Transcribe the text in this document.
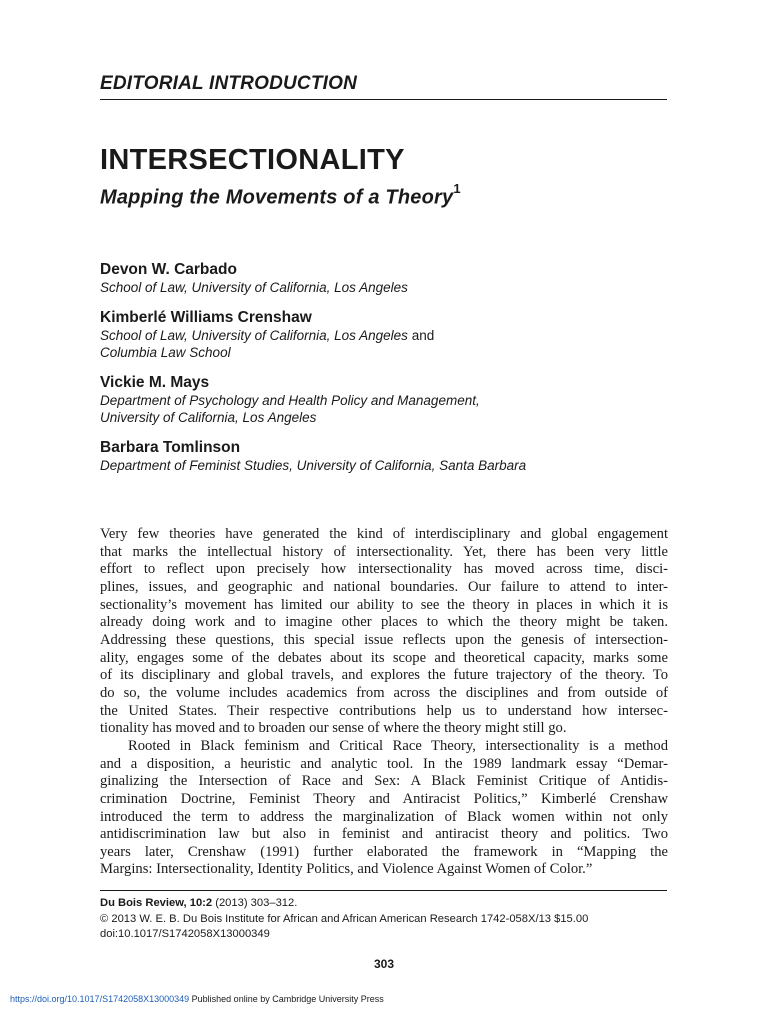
EDITORIAL INTRODUCTION
INTERSECTIONALITY
Mapping the Movements of a Theory$^1$

Devon W. Carbado

School of Law, University of California, Los Angeles

Kimberlé Williams Crenshaw

School of Law, University of California, Los Angeles and

Columbia Law School

Vickie M. Mays

Department of Psychology and Health Policy and Management,

University of California, Los Angeles

Barbara Tomlinson

Department of Feminist Studies, University of California, Santa Barbara

Very few theories have generated the kind of interdisciplinary and global engagement
that marks the intellectual history of intersectionality. Yet, there has been very little
effort to reflect upon precisely how intersectionality has moved across time, disci-
plines, issues, and geographic and national boundaries. Our failure to attend to inter-
sectionality’s movement has limited our ability to see the theory in places in which it is
already doing work and to imagine other places to which the theory might be taken.
Addressing these questions, this special issue reflects upon the genesis of intersection-
ality, engages some of the debates about its scope and theoretical capacity, marks some
of its disciplinary and global travels, and explores the future trajectory of the theory. To
do so, the volume includes academics from across the disciplines and from outside of
the United States. Their respective contributions help us to understand how intersec-
tionality has moved and to broaden our sense of where the theory might still go.
Rooted in Black feminism and Critical Race Theory, intersectionality is a method
and a disposition, a heuristic and analytic tool. In the 1989 landmark essay “Demar-
ginalizing the Intersection of Race and Sex: A Black Feminist Critique of Antidis-
crimination Doctrine, Feminist Theory and Antiracist Politics,” Kimberlé Crenshaw
introduced the term to address the marginalization of Black women within not only
antidiscrimination law but also in feminist and antiracist theory and politics. Two
years later, Crenshaw (1991) further elaborated the framework in “Mapping the
Margins: Intersectionality, Identity Politics, and Violence Against Women of Color.”

Du Bois Review, 10:2 (2013) 303–312.

© 2013 W. E. B. Du Bois Institute for African and African American Research 1742-058X/13 $15.00

doi:10.1017/S1742058X13000349

303

https://doi.org/10.1017/S1742058X13000349 Published online by Cambridge University Press
